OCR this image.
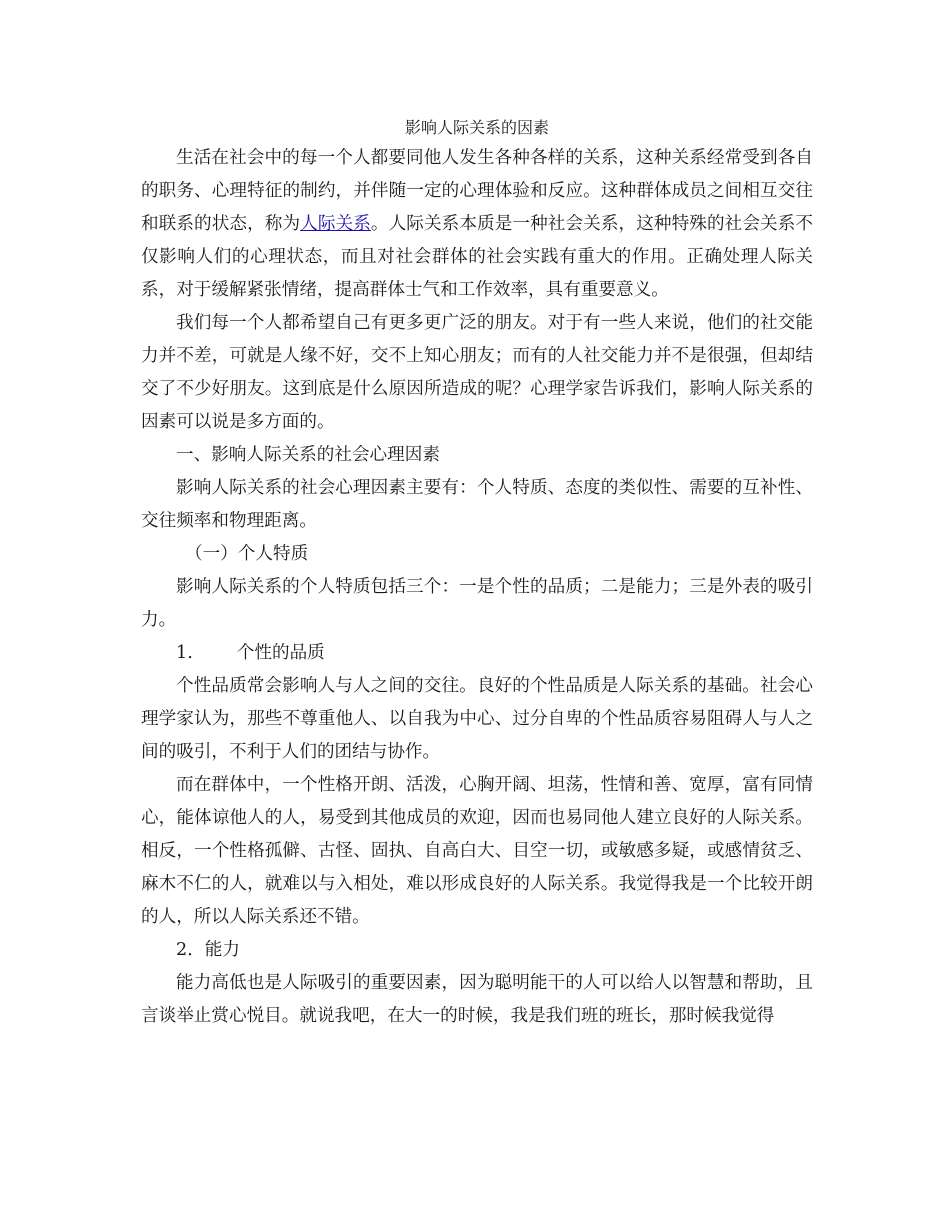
影响人际关系的因素

生活在社会中的每一个人都要同他人发生各种各样的关系，这种关系经常受到各自的职务、心理特征的制约，并伴随一定的心理体验和反应。这种群体成员之间相互交往和联系的状态，称为人际关系。人际关系本质是一种社会关系，这种特殊的社会关系不仅影响人们的心理状态，而且对社会群体的社会实践有重大的作用。正确处理人际关系，对于缓解紧张情绪，提高群体士气和工作效率，具有重要意义。

我们每一个人都希望自己有更多更广泛的朋友。对于有一些人来说，他们的社交能力并不差，可就是人缘不好，交不上知心朋友；而有的人社交能力并不是很强，但却结交了不少好朋友。这到底是什么原因所造成的呢？心理学家告诉我们，影响人际关系的因素可以说是多方面的。

一、影响人际关系的社会心理因素

影响人际关系的社会心理因素主要有：个人特质、态度的类似性、需要的互补性、交往频率和物理距离。

（一）个人特质

影响人际关系的个人特质包括三个：一是个性的品质；二是能力；三是外表的吸引力。

1.	个性的品质

个性品质常会影响人与人之间的交往。良好的个性品质是人际关系的基础。社会心理学家认为，那些不尊重他人、以自我为中心、过分自卑的个性品质容易阻碍人与人之间的吸引，不利于人们的团结与协作。

而在群体中，一个性格开朗、活泼，心胸开阔、坦荡，性情和善、宽厚，富有同情心，能体谅他人的人，易受到其他成员的欢迎，因而也易同他人建立良好的人际关系。相反，一个性格孤僻、古怪、固执、自高白大、目空一切，或敏感多疑，或感情贫乏、麻木不仁的人，就难以与入相处，难以形成良好的人际关系。我觉得我是一个比较开朗的人，所以人际关系还不错。

2．能力

能力高低也是人际吸引的重要因素，因为聪明能干的人可以给人以智慧和帮助，且言谈举止赏心悦目。就说我吧，在大一的时候，我是我们班的班长，那时候我觉得
